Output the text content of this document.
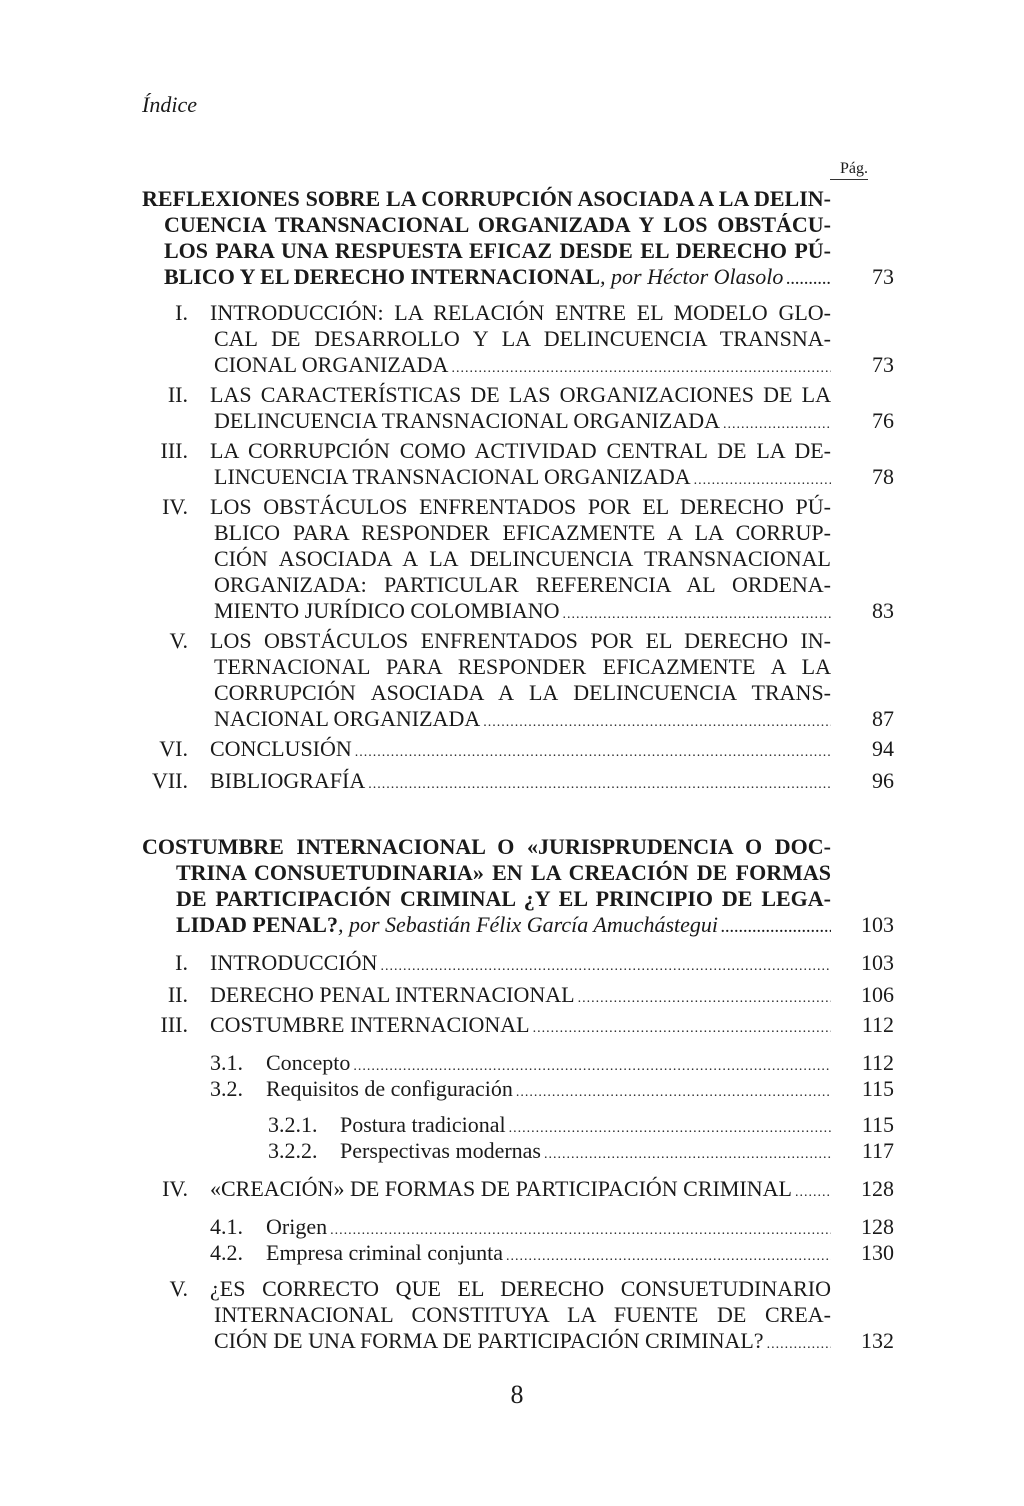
Índice
Pág.
REFLEXIONES SOBRE LA CORRUPCIÓN ASOCIADA A LA DELIN-
CUENCIA TRANSNACIONAL ORGANIZADA Y LOS OBSTÁCU-
LOS PARA UNA RESPUESTA EFICAZ DESDE EL DERECHO PÚ-
BLICO Y EL DERECHO INTERNACIONAL, por Héctor Olasolo .....	73
I. INTRODUCCIÓN: LA RELACIÓN ENTRE EL MODELO GLO-
CAL DE DESARROLLO Y LA DELINCUENCIA TRANSNA-
CIONAL ORGANIZADA .....	73
II. LAS CARACTERÍSTICAS DE LAS ORGANIZACIONES DE LA
DELINCUENCIA TRANSNACIONAL ORGANIZADA .....	76
III. LA CORRUPCIÓN COMO ACTIVIDAD CENTRAL DE LA DE-
LINCUENCIA TRANSNACIONAL ORGANIZADA .....	78
IV. LOS OBSTÁCULOS ENFRENTADOS POR EL DERECHO PÚ-
BLICO PARA RESPONDER EFICAZMENTE A LA CORRUP-
CIÓN ASOCIADA A LA DELINCUENCIA TRANSNACIONAL
ORGANIZADA: PARTICULAR REFERENCIA AL ORDENA-
MIENTO JURÍDICO COLOMBIANO .....	83
V. LOS OBSTÁCULOS ENFRENTADOS POR EL DERECHO IN-
TERNACIONAL PARA RESPONDER EFICAZMENTE A LA
CORRUPCIÓN ASOCIADA A LA DELINCUENCIA TRANS-
NACIONAL ORGANIZADA .....	87
VI. CONCLUSIÓN .....	94
VII. BIBLIOGRAFÍA .....	96
COSTUMBRE INTERNACIONAL O «JURISPRUDENCIA O DOC-
TRINA CONSUETUDINARIA» EN LA CREACIÓN DE FORMAS
DE PARTICIPACIÓN CRIMINAL ¿Y EL PRINCIPIO DE LEGA-
LIDAD PENAL?, por Sebastián Félix García Amuchástegui .....	103
I. INTRODUCCIÓN .....	103
II. DERECHO PENAL INTERNACIONAL .....	106
III. COSTUMBRE INTERNACIONAL .....	112
3.1. Concepto .....	112
3.2. Requisitos de configuración .....	115
3.2.1. Postura tradicional .....	115
3.2.2. Perspectivas modernas .....	117
IV. «CREACIÓN» DE FORMAS DE PARTICIPACIÓN CRIMINAL .....	128
4.1. Origen .....	128
4.2. Empresa criminal conjunta .....	130
V. ¿ES CORRECTO QUE EL DERECHO CONSUETUDINARIO
INTERNACIONAL CONSTITUYA LA FUENTE DE CREA-
CIÓN DE UNA FORMA DE PARTICIPACIÓN CRIMINAL? .....	132
8
